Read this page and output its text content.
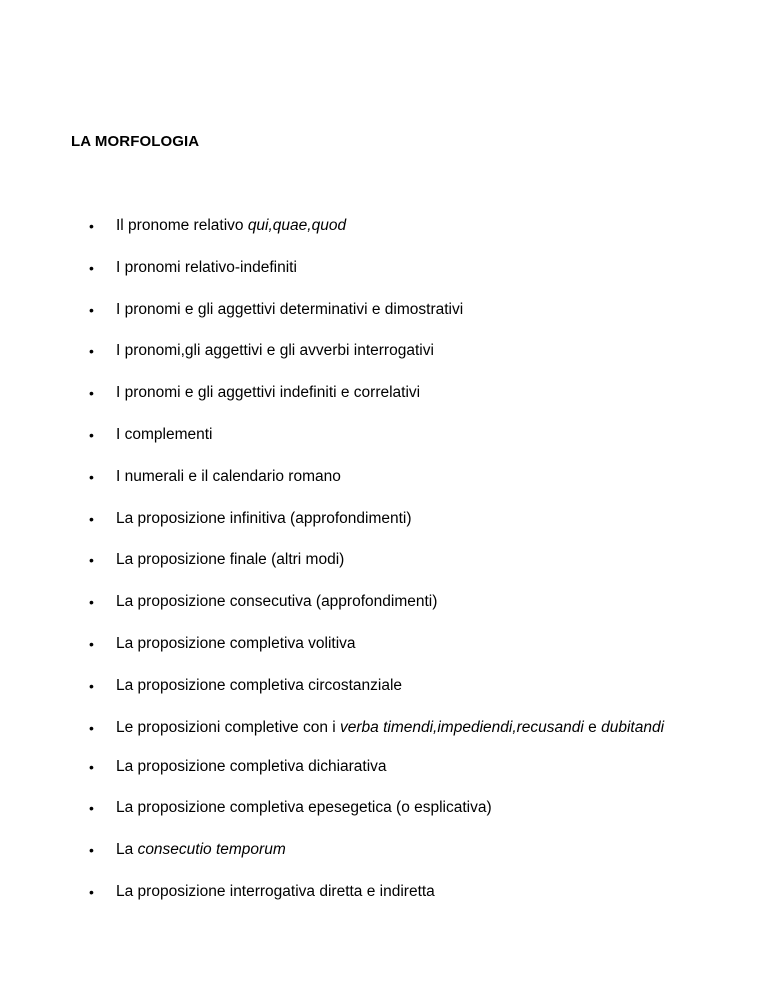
LA MORFOLOGIA
• Il pronome relativo qui,quae,quod
• I pronomi relativo-indefiniti
• I pronomi e gli aggettivi determinativi e dimostrativi
• I pronomi,gli aggettivi e gli avverbi interrogativi
• I pronomi e gli aggettivi indefiniti e correlativi
• I complementi
• I numerali e il calendario romano
• La proposizione infinitiva (approfondimenti)
• La proposizione finale (altri modi)
• La proposizione consecutiva (approfondimenti)
• La proposizione completiva volitiva
• La proposizione completiva circostanziale
• Le proposizioni completive con i verba timendi,impediendi,recusandi e dubitandi
• La proposizione completiva dichiarativa
• La proposizione completiva epesegetica (o esplicativa)
• La consecutio temporum
• La proposizione interrogativa diretta e indiretta
